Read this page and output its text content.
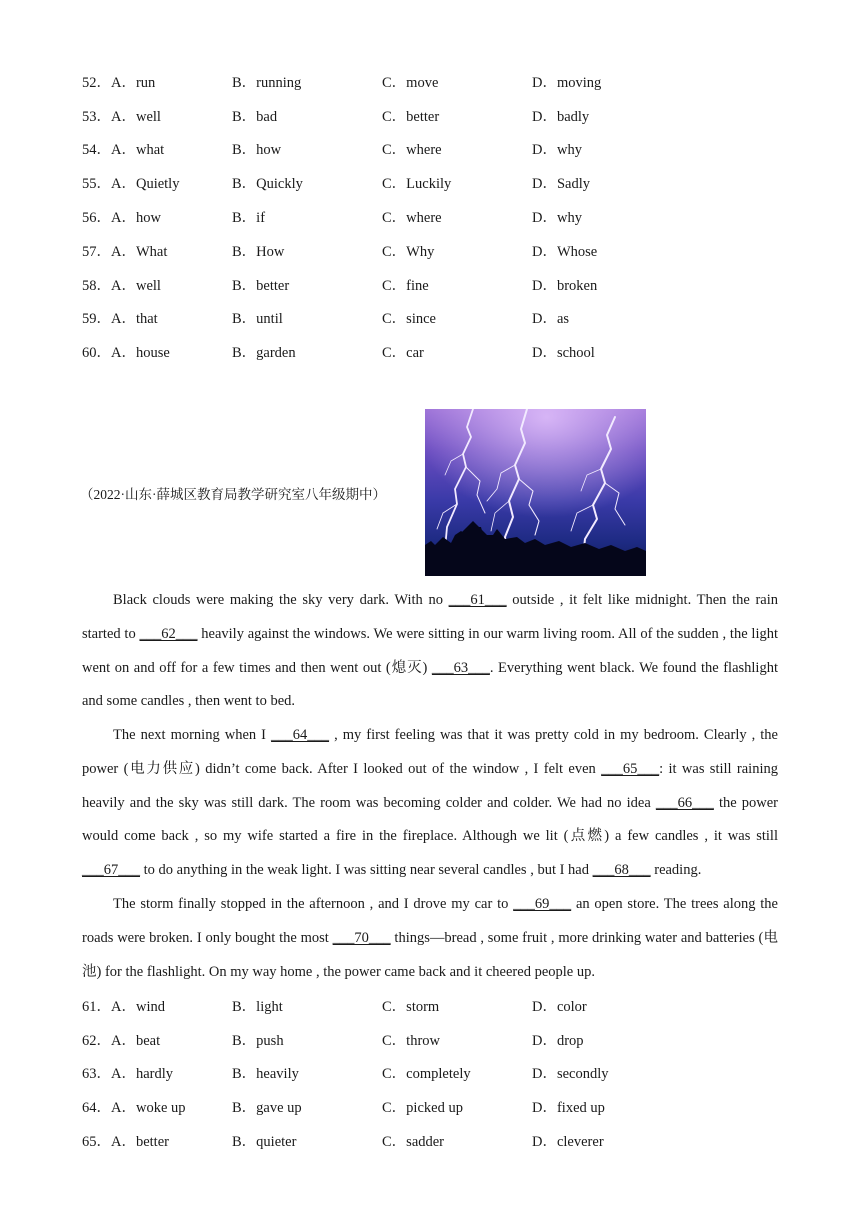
52．A．run	B．running	C．move	D．moving
53．A．well	B．bad	C．better	D．badly
54．A．what	B．how	C．where	D．why
55．A．Quietly	B．Quickly	C．Luckily	D．Sadly
56．A．how	B．if	C．where	D．why
57．A．What	B．How	C．Why	D．Whose
58．A．well	B．better	C．fine	D．broken
59．A．that	B．until	C．since	D．as
60．A．house	B．garden	C．car	D．school
（2022·山东·薛城区教育局教学研究室八年级期中）

Black clouds were making the sky very dark. With no ___61___ outside , it felt like midnight. Then the rain started to ___62___ heavily against the windows. We were sitting in our warm living room. All of the sudden , the light went on and off for a few times and then went out (熄灭) ___63___. Everything went black. We found the flashlight and some candles , then went to bed.

The next morning when I ___64___ , my first feeling was that it was pretty cold in my bedroom. Clearly , the power (电力供应) didn’t come back. After I looked out of the window , I felt even ___65___: it was still raining heavily and the sky was still dark. The room was becoming colder and colder. We had no idea ___66___ the power would come back , so my wife started a fire in the fireplace. Although we lit (点燃) a few candles , it was still ___67___ to do anything in the weak light. I was sitting near several candles , but I had ___68___ reading.

The storm finally stopped in the afternoon , and I drove my car to ___69___ an open store. The trees along the roads were broken. I only bought the most ___70___ things—bread , some fruit , more drinking water and batteries (电池) for the flashlight. On my way home , the power came back and it cheered people up.

61．A．wind	B．light	C．storm	D．color
62．A．beat	B．push	C．throw	D．drop
63．A．hardly	B．heavily	C．completely	D．secondly
64．A．woke up	B．gave up	C．picked up	D．fixed up
65．A．better	B．quieter	C．sadder	D．cleverer
